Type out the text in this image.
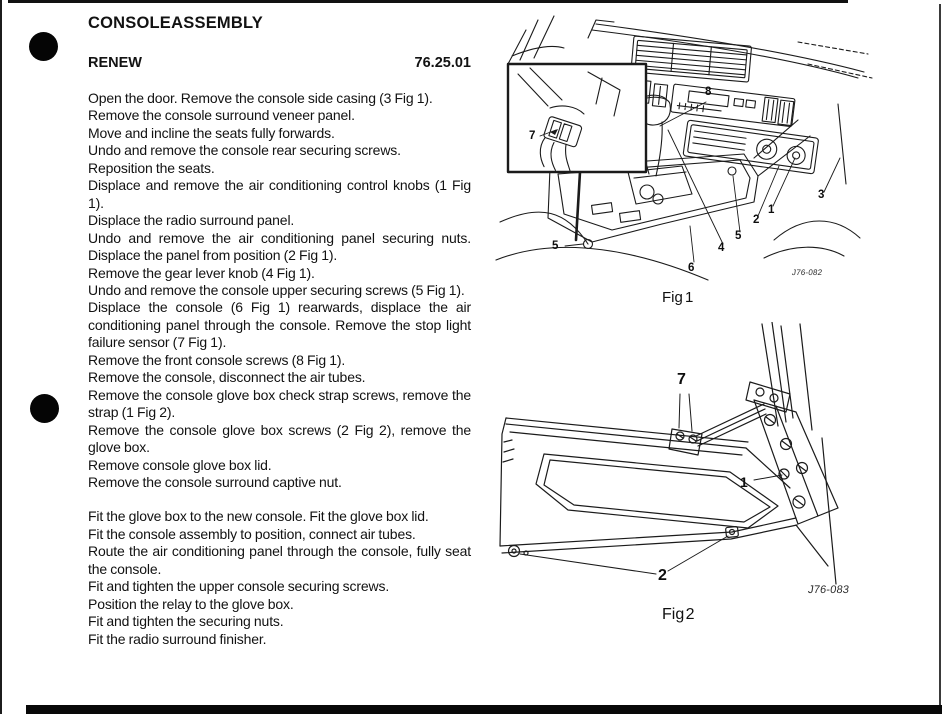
CONSOLE ASSEMBLY
RENEW	76.25.01
Open the door. Remove the console side casing (3 Fig 1).
Remove the console surround veneer panel.
Move and incline the seats fully forwards.
Undo and remove the console rear securing screws.
Reposition the seats.
Displace and remove the air conditioning control knobs (1 Fig 1).
Displace the radio surround panel.
Undo and remove the air conditioning panel securing nuts. Displace the panel from position (2 Fig 1).
Remove the gear lever knob (4 Fig 1).
Undo and remove the console upper securing screws (5 Fig 1).
Displace the console (6 Fig 1) rearwards, displace the air conditioning panel through the console. Remove the stop light failure sensor (7 Fig 1).
Remove the front console screws (8 Fig 1).
Remove the console, disconnect the air tubes.
Remove the console glove box check strap screws, remove the strap (1 Fig 2).
Remove the console glove box screws (2 Fig 2), remove the glove box.
Remove console glove box lid.
Remove the console surround captive nut.
Fit the glove box to the new console. Fit the glove box lid.
Fit the console assembly to position, connect air tubes.
Route the air conditioning panel through the console, fully seat the console.
Fit and tighten the upper console securing screws.
Position the relay to the glove box.
Fit and tighten the securing nuts.
Fit the radio surround finisher.
7
8
1
2
3
4
5
5
6	J76-082
Fig 1
7
1
2
J76-083
Fig 2
